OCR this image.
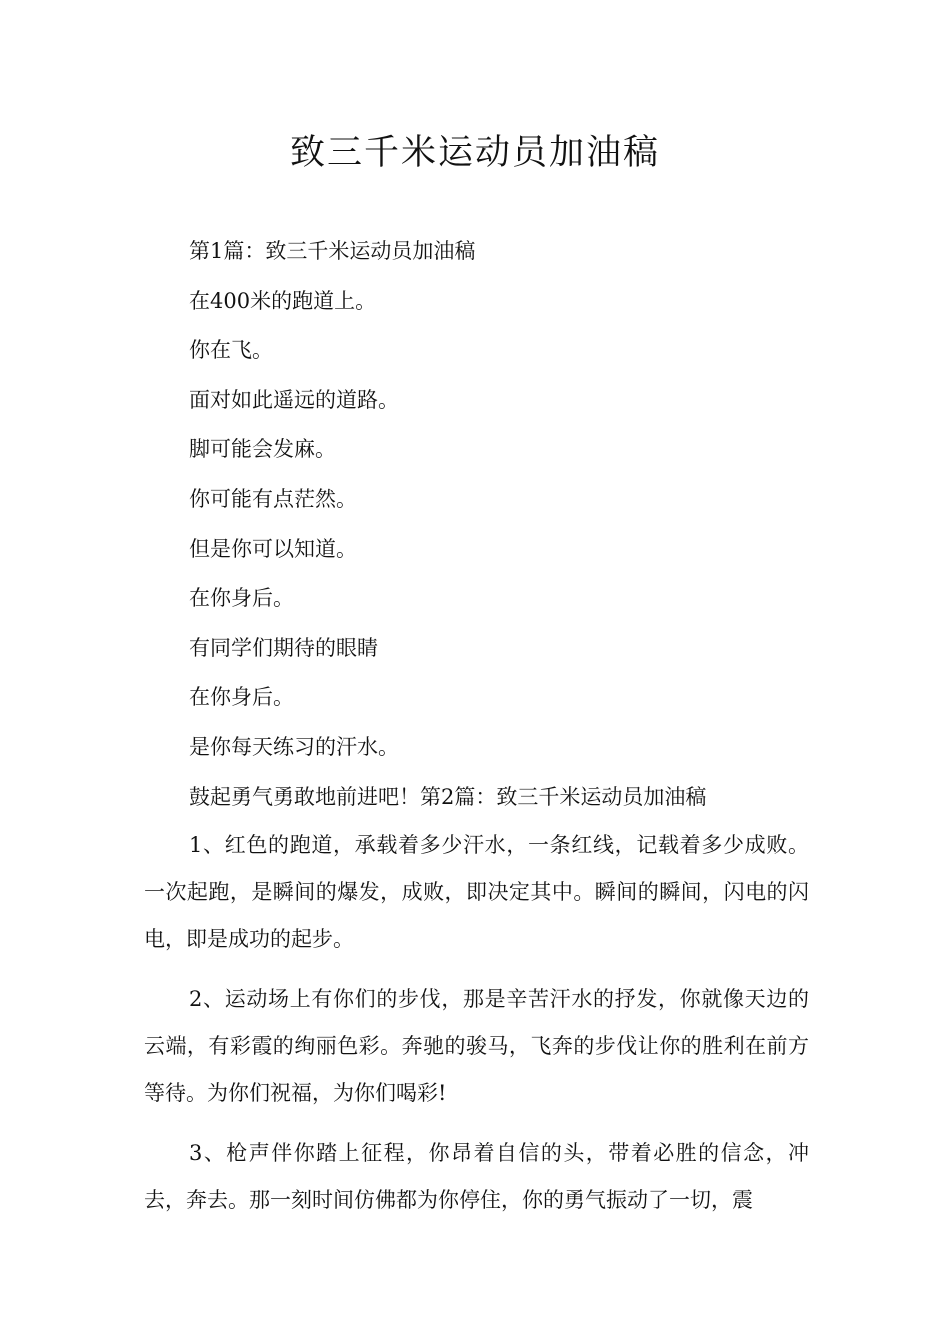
致三千米运动员加油稿

第1篇：致三千米运动员加油稿

在400米的跑道上。

你在飞。

面对如此遥远的道路。

脚可能会发麻。

你可能有点茫然。

但是你可以知道。

在你身后。

有同学们期待的眼睛

在你身后。

是你每天练习的汗水。

鼓起勇气勇敢地前进吧！第2篇：致三千米运动员加油稿

1、红色的跑道，承载着多少汗水，一条红线，记载着多少成败。一次起跑，是瞬间的爆发，成败，即决定其中。瞬间的瞬间，闪电的闪电，即是成功的起步。

2、运动场上有你们的步伐，那是辛苦汗水的抒发，你就像天边的云端，有彩霞的绚丽色彩。奔驰的骏马，飞奔的步伐让你的胜利在前方等待。为你们祝福，为你们喝彩!

3、枪声伴你踏上征程，你昂着自信的头，带着必胜的信念，冲去，奔去。那一刻时间仿佛都为你停住，你的勇气振动了一切，震
